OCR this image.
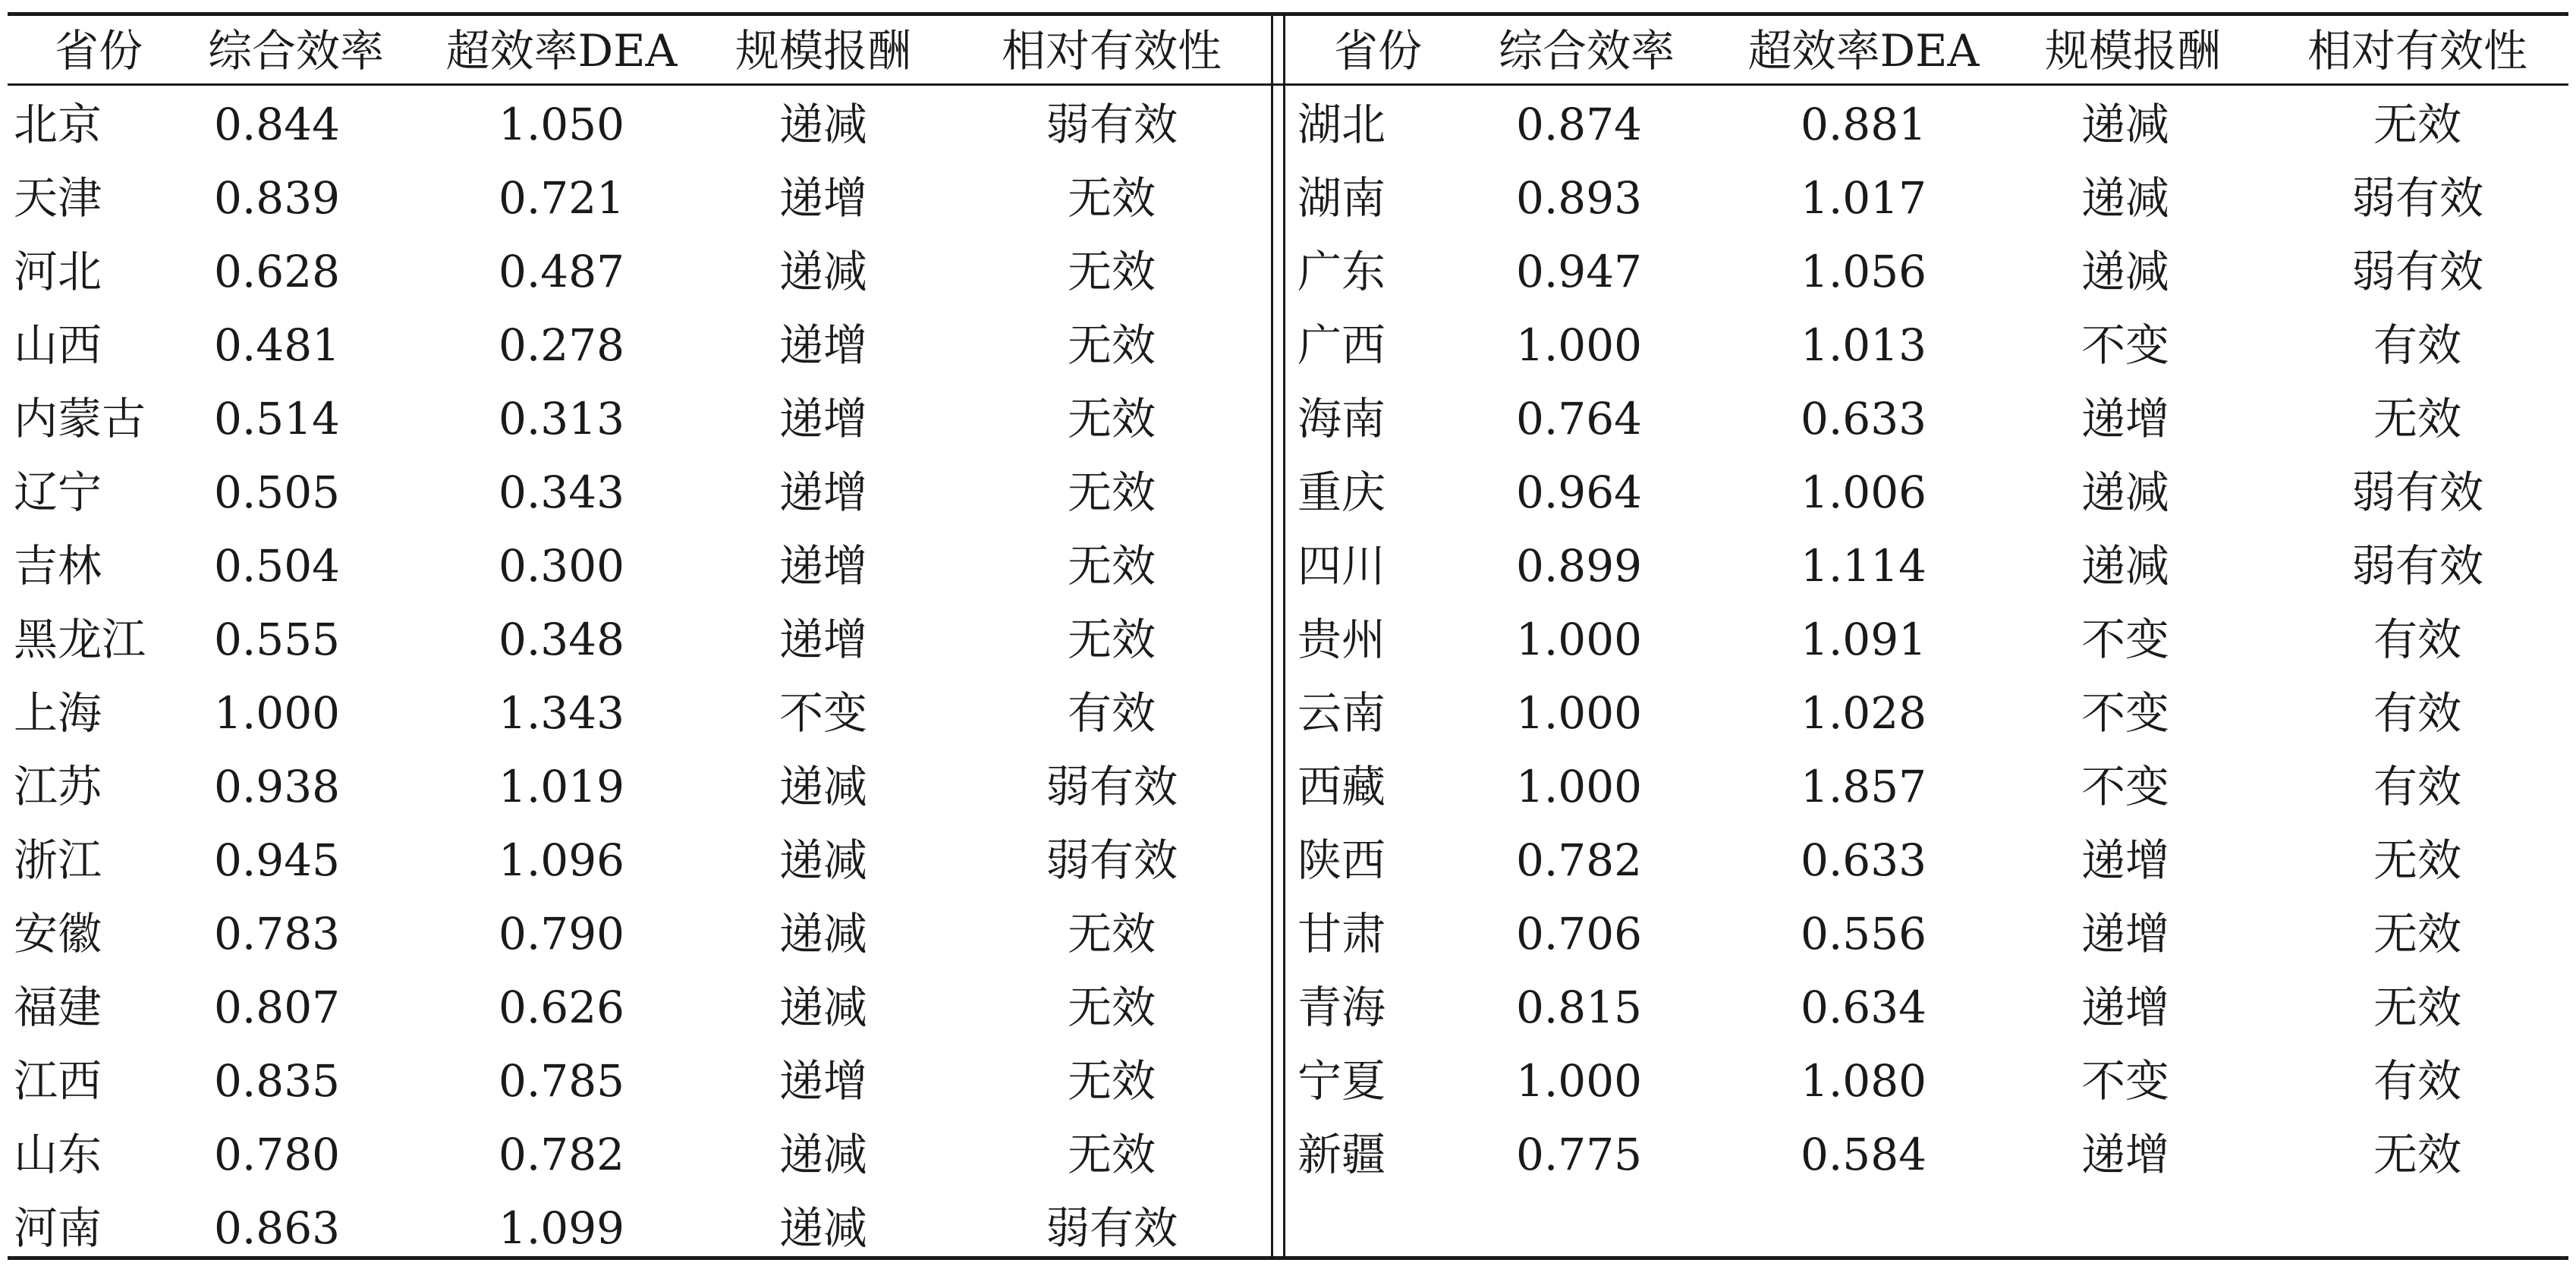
省份	综合效率	超效率DEA	规模报酬	相对有效性
北京	0.844	1.050	递减	弱有效
天津	0.839	0.721	递增	无效
河北	0.628	0.487	递减	无效
山西	0.481	0.278	递增	无效
内蒙古	0.514	0.313	递增	无效
辽宁	0.505	0.343	递增	无效
吉林	0.504	0.300	递增	无效
黑龙江	0.555	0.348	递增	无效
上海	1.000	1.343	不变	有效
江苏	0.938	1.019	递减	弱有效
浙江	0.945	1.096	递减	弱有效
安徽	0.783	0.790	递减	无效
福建	0.807	0.626	递减	无效
江西	0.835	0.785	递增	无效
山东	0.780	0.782	递减	无效
河南	0.863	1.099	递减	弱有效
省份	综合效率	超效率DEA	规模报酬	相对有效性
湖北	0.874	0.881	递减	无效
湖南	0.893	1.017	递减	弱有效
广东	0.947	1.056	递减	弱有效
广西	1.000	1.013	不变	有效
海南	0.764	0.633	递增	无效
重庆	0.964	1.006	递减	弱有效
四川	0.899	1.114	递减	弱有效
贵州	1.000	1.091	不变	有效
云南	1.000	1.028	不变	有效
西藏	1.000	1.857	不变	有效
陕西	0.782	0.633	递增	无效
甘肃	0.706	0.556	递增	无效
青海	0.815	0.634	递增	无效
宁夏	1.000	1.080	不变	有效
新疆	0.775	0.584	递增	无效
